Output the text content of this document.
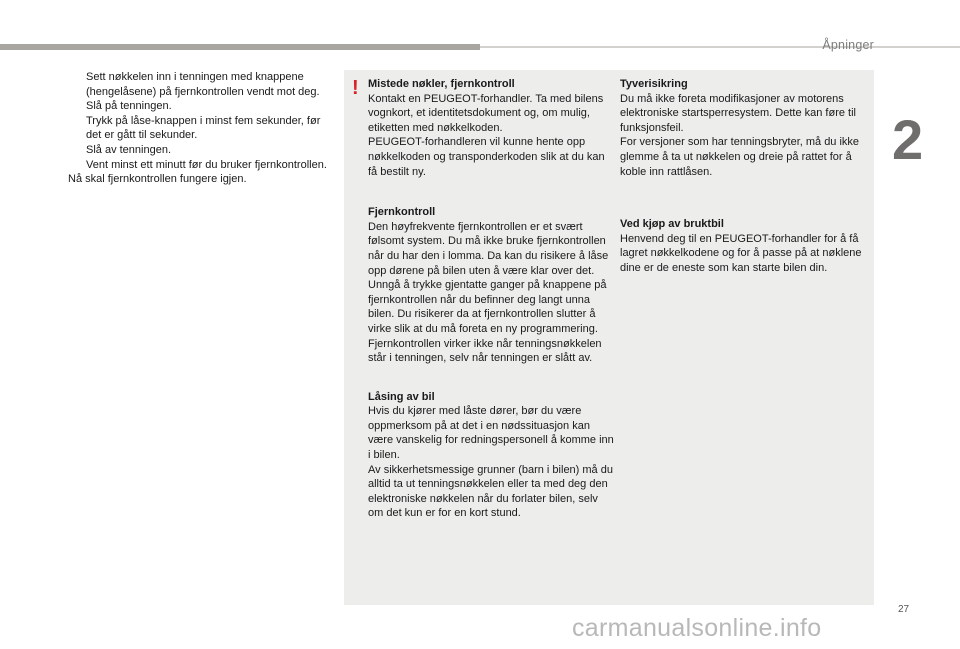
Åpninger
2
27
Sett nøkkelen inn i tenningen med knappene (hengelåsene) på fjernkontrollen vendt mot deg.
Slå på tenningen.
Trykk på låse-knappen i minst fem sekunder, før det er gått til sekunder.
Slå av tenningen.
Vent minst ett minutt før du bruker fjernkontrollen.
Nå skal fjernkontrollen fungere igjen.
! Mistede nøkler, fjernkontroll

Kontakt en PEUGEOT-forhandler. Ta med bilens vognkort, et identitetsdokument og, om mulig, etiketten med nøkkelkoden.

PEUGEOT-forhandleren vil kunne hente opp nøkkelkoden og transponderkoden slik at du kan få bestilt ny.

Fjernkontroll

Den høyfrekvente fjernkontrollen er et svært følsomt system. Du må ikke bruke fjernkontrollen når du har den i lomma. Da kan du risikere å låse opp dørene på bilen uten å være klar over det.

Unngå å trykke gjentatte ganger på knappene på fjernkontrollen når du befinner deg langt unna bilen. Du risikerer da at fjernkontrollen slutter å virke slik at du må foreta en ny programmering.

Fjernkontrollen virker ikke når tenningsnøkkelen står i tenningen, selv når tenningen er slått av.

Låsing av bil

Hvis du kjører med låste dører, bør du være oppmerksom på at det i en nødssituasjon kan være vanskelig for redningspersonell å komme inn i bilen.

Av sikkerhetsmessige grunner (barn i bilen) må du alltid ta ut tenningsnøkkelen eller ta med deg den elektroniske nøkkelen når du forlater bilen, selv om det kun er for en kort stund.

Tyverisikring

Du må ikke foreta modifikasjoner av motorens elektroniske startsperresystem. Dette kan føre til funksjonsfeil.

For versjoner som har tenningsbryter, må du ikke glemme å ta ut nøkkelen og dreie på rattet for å koble inn rattlåsen.

Ved kjøp av bruktbil

Henvend deg til en PEUGEOT-forhandler for å få lagret nøkkelkodene og for å passe på at nøklene dine er de eneste som kan starte bilen din.

carmanualsonline.info
